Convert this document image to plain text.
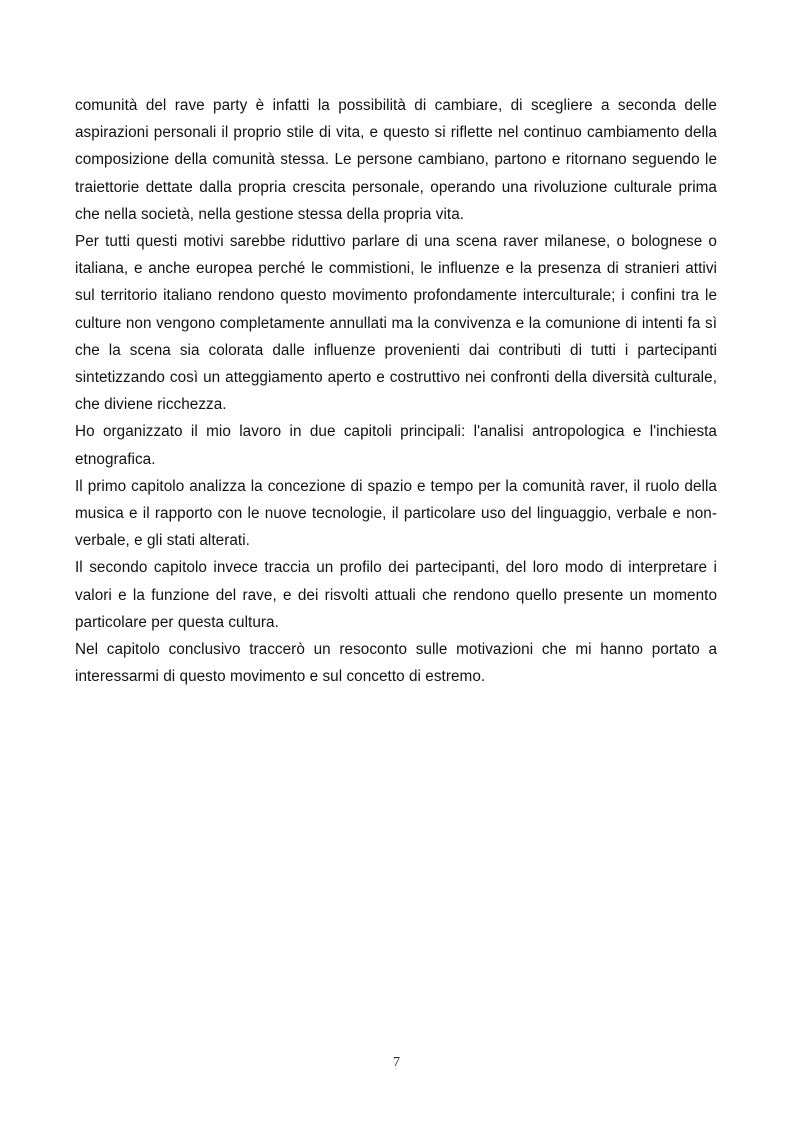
comunità del rave party è infatti la possibilità di cambiare, di scegliere a seconda delle aspirazioni personali il proprio stile di vita, e questo si riflette nel continuo cambiamento della composizione della comunità stessa. Le persone cambiano, partono e ritornano seguendo le traiettorie dettate dalla propria crescita personale, operando una rivoluzione culturale prima che nella società, nella gestione stessa della propria vita.

Per tutti questi motivi sarebbe riduttivo parlare di una scena raver milanese, o bolognese o italiana, e anche europea perché le commistioni, le influenze e la presenza di stranieri attivi sul territorio italiano rendono questo movimento profondamente interculturale; i confini tra le culture non vengono completamente annullati ma la convivenza e la comunione di intenti fa sì che la scena sia colorata dalle influenze provenienti dai contributi di tutti i partecipanti sintetizzando così un atteggiamento aperto e costruttivo nei confronti della diversità culturale, che diviene ricchezza.

Ho organizzato il mio lavoro in due capitoli principali: l'analisi antropologica e l'inchiesta etnografica.

Il primo capitolo analizza la concezione di spazio e tempo per la comunità raver, il ruolo della musica e il rapporto con le nuove tecnologie, il particolare uso del linguaggio, verbale e non-verbale, e gli stati alterati.

Il secondo capitolo invece traccia un profilo dei partecipanti, del loro modo di interpretare i valori e la funzione del rave, e dei risvolti attuali che rendono quello presente un momento particolare per questa cultura.

Nel capitolo conclusivo traccerò un resoconto sulle motivazioni che mi hanno portato a interessarmi di questo movimento e sul concetto di estremo.

7
